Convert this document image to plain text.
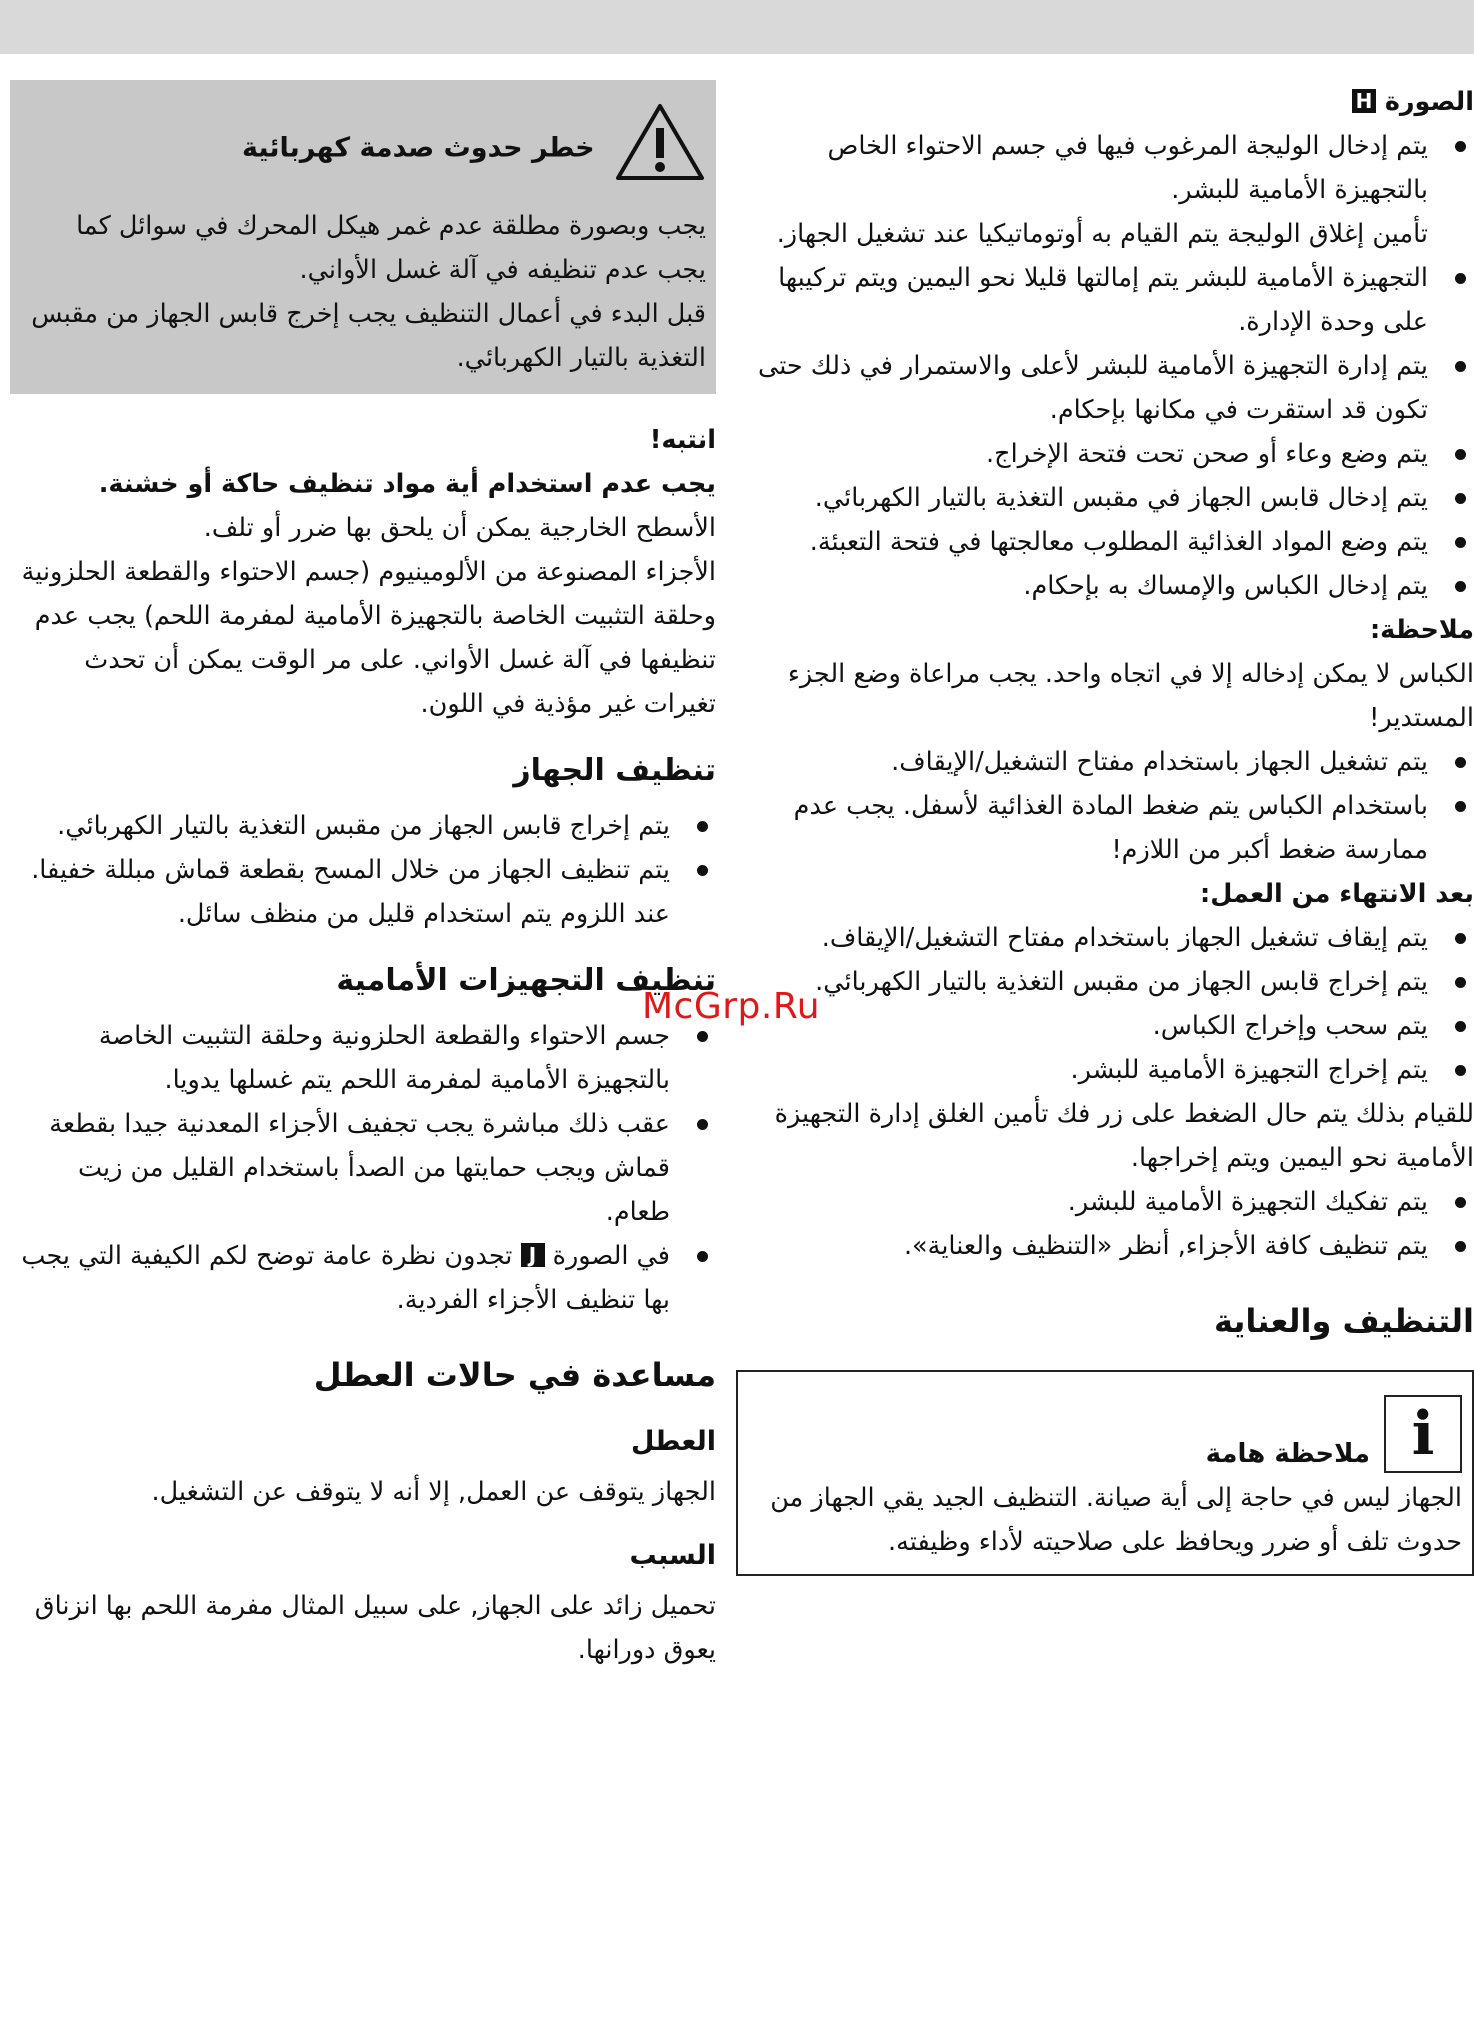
الصورة H

يتم إدخال الوليجة المرغوب فيها في جسم الاحتواء الخاص بالتجهيزة الأمامية للبشر.

تأمين إغلاق الوليجة يتم القيام به أوتوماتيكيا عند تشغيل الجهاز.

التجهيزة الأمامية للبشر يتم إمالتها قليلا نحو اليمين ويتم تركيبها على وحدة الإدارة.
يتم إدارة التجهيزة الأمامية للبشر لأعلى والاستمرار في ذلك حتى تكون قد استقرت في مكانها بإحكام.
يتم وضع وعاء أو صحن تحت فتحة الإخراج.
يتم إدخال قابس الجهاز في مقبس التغذية بالتيار الكهربائي.
يتم وضع المواد الغذائية المطلوب معالجتها في فتحة التعبئة.
يتم إدخال الكباس والإمساك به بإحكام.

ملاحظة:

الكباس لا يمكن إدخاله إلا في اتجاه واحد. يجب مراعاة وضع الجزء المستدير!

يتم تشغيل الجهاز باستخدام مفتاح التشغيل/الإيقاف.
باستخدام الكباس يتم ضغط المادة الغذائية لأسفل. يجب عدم ممارسة ضغط أكبر من اللازم!

بعد الانتهاء من العمل:

يتم إيقاف تشغيل الجهاز باستخدام مفتاح التشغيل/الإيقاف.
يتم إخراج قابس الجهاز من مقبس التغذية بالتيار الكهربائي.
يتم سحب وإخراج الكباس.
يتم إخراج التجهيزة الأمامية للبشر.

للقيام بذلك يتم حال الضغط على زر فك تأمين الغلق إدارة التجهيزة الأمامية نحو اليمين ويتم إخراجها.

يتم تفكيك التجهيزة الأمامية للبشر.
يتم تنظيف كافة الأجزاء, أنظر «التنظيف والعناية».
التنظيف والعناية
i
ملاحظة هامة

الجهاز ليس في حاجة إلى أية صيانة. التنظيف الجيد يقي الجهاز من حدوث تلف أو ضرر ويحافظ على صلاحيته لأداء وظيفته.

خطر حدوث صدمة كهربائية

يجب وبصورة مطلقة عدم غمر هيكل المحرك في سوائل كما يجب عدم تنظيفه في آلة غسل الأواني.

قبل البدء في أعمال التنظيف يجب إخرج قابس الجهاز من مقبس التغذية بالتيار الكهربائي.

انتبه!

يجب عدم استخدام أية مواد تنظيف حاكة أو خشنة.

الأسطح الخارجية يمكن أن يلحق بها ضرر أو تلف.

الأجزاء المصنوعة من الألومينيوم (جسم الاحتواء والقطعة الحلزونية وحلقة التثبيت الخاصة بالتجهيزة الأمامية لمفرمة اللحم) يجب عدم تنظيفها في آلة غسل الأواني. على مر الوقت يمكن أن تحدث تغيرات غير مؤذية في اللون.

تنظيف الجهاز
يتم إخراج قابس الجهاز من مقبس التغذية بالتيار الكهربائي.
يتم تنظيف الجهاز من خلال المسح بقطعة قماش مبللة خفيفا. عند اللزوم يتم استخدام قليل من منظف سائل.
تنظيف التجهيزات الأمامية
جسم الاحتواء والقطعة الحلزونية وحلقة التثبيت الخاصة بالتجهيزة الأمامية لمفرمة اللحم يتم غسلها يدويا.
عقب ذلك مباشرة يجب تجفيف الأجزاء المعدنية جيدا بقطعة قماش ويجب حمايتها من الصدأ باستخدام القليل من زيت طعام.
في الصورة J تجدون نظرة عامة توضح لكم الكيفية التي يجب بها تنظيف الأجزاء الفردية.
مساعدة في حالات العطل
العطل

الجهاز يتوقف عن العمل, إلا أنه لا يتوقف عن التشغيل.

السبب

تحميل زائد على الجهاز, على سبيل المثال مفرمة اللحم بها انزناق يعوق دورانها.

McGrp.Ru
